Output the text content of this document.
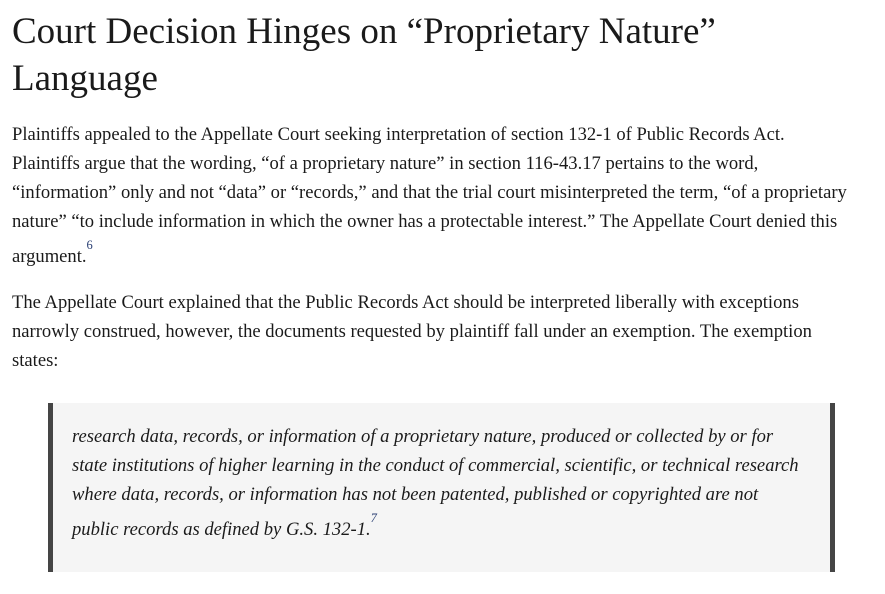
Court Decision Hinges on “Proprietary Nature” Language

Plaintiffs appealed to the Appellate Court seeking interpretation of section 132-1 of Public Records Act. Plaintiffs argue that the wording, “of a proprietary nature” in section 116-43.17 pertains to the word, “information” only and not “data” or “records,” and that the trial court misinterpreted the term, “of a proprietary nature” “to include information in which the owner has a protectable interest.” The Appellate Court denied this argument.$^{^6}$

The Appellate Court explained that the Public Records Act should be interpreted liberally with exceptions narrowly construed, however, the documents requested by plaintiff fall under an exemption. The exemption states:

research data, records, or information of a proprietary nature, produced or collected by or for state institutions of higher learning in the conduct of commercial, scientific, or technical research where data, records, or information has not been patented, published or copyrighted are not public records as defined by G.S. 132-1.$^{^7}$
